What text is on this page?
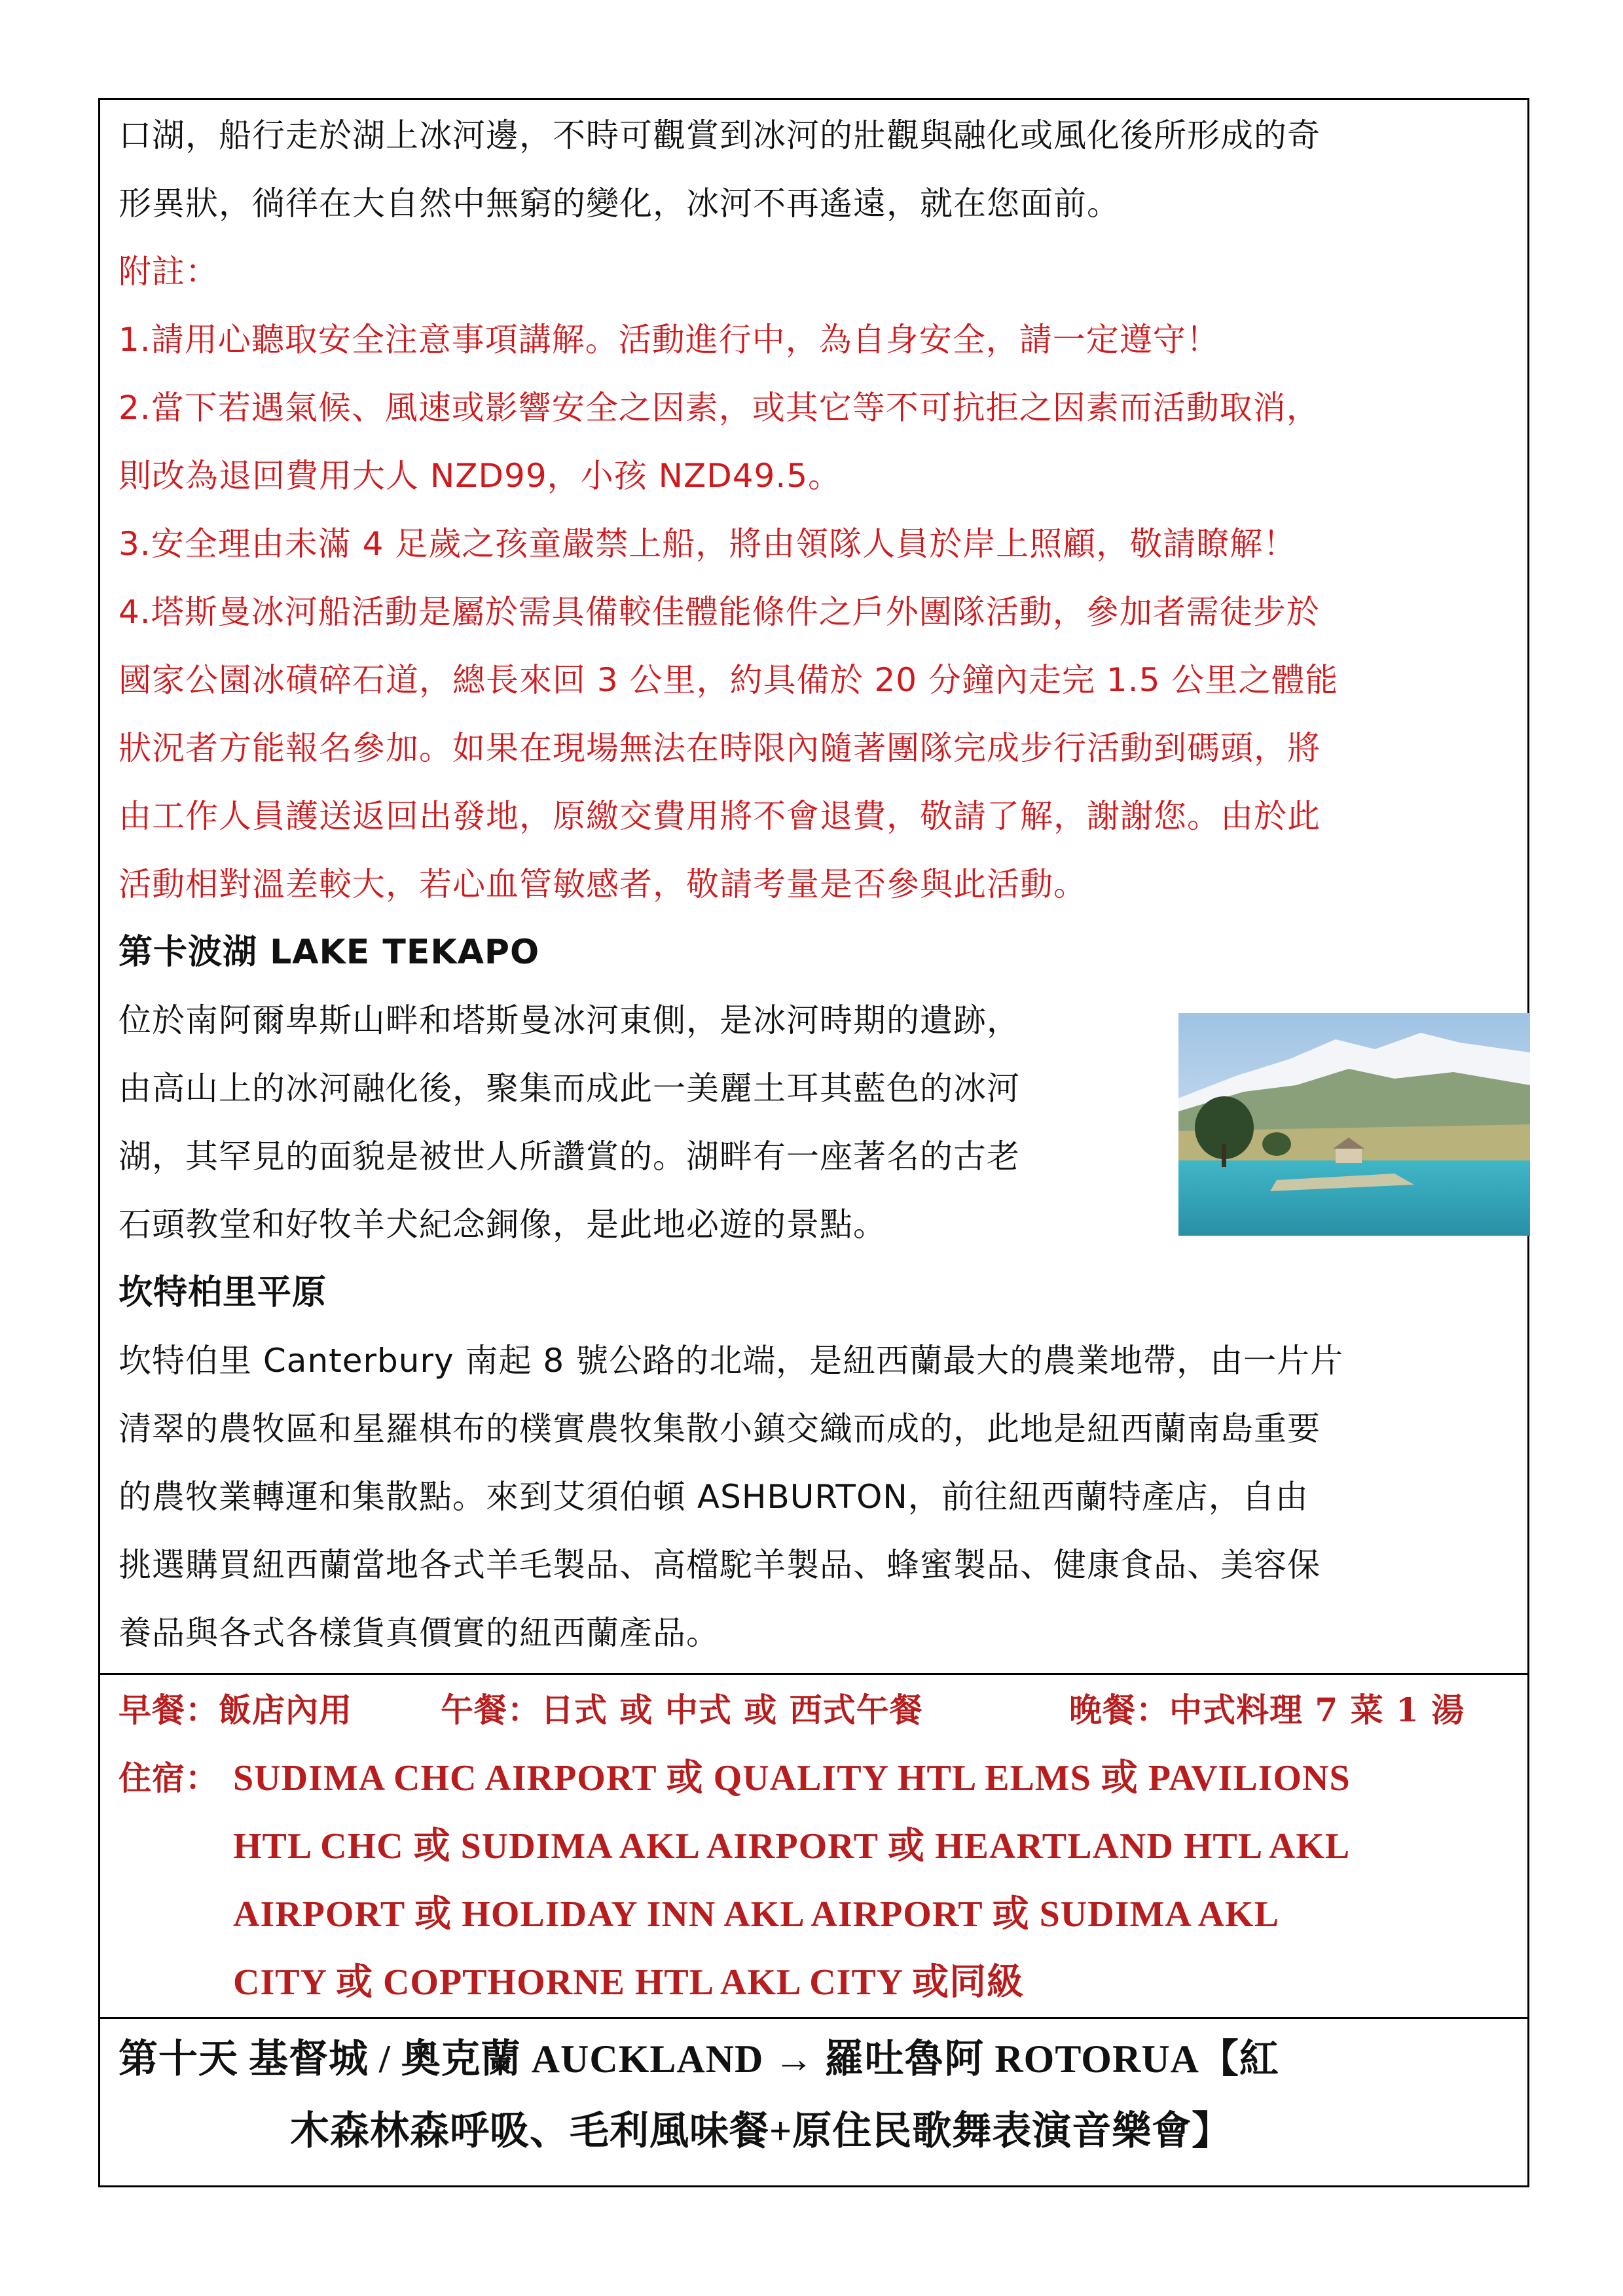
口湖，船行走於湖上冰河邊，不時可觀賞到冰河的壯觀與融化或風化後所形成的奇
形異狀，徜徉在大自然中無窮的變化，冰河不再遙遠，就在您面前。
附註：
1.請用心聽取安全注意事項講解。活動進行中，為自身安全，請一定遵守！
2.當下若遇氣候、風速或影響安全之因素，或其它等不可抗拒之因素而活動取消，
則改為退回費用大人 NZD99，小孩 NZD49.5。
3.安全理由未滿 4 足歲之孩童嚴禁上船，將由領隊人員於岸上照顧，敬請瞭解！
4.塔斯曼冰河船活動是屬於需具備較佳體能條件之戶外團隊活動，參加者需徒步於
國家公園冰磧碎石道，總長來回 3 公里，約具備於 20 分鐘內走完 1.5 公里之體能
狀況者方能報名參加。如果在現場無法在時限內隨著團隊完成步行活動到碼頭，將
由工作人員護送返回出發地，原繳交費用將不會退費，敬請了解，謝謝您。由於此
活動相對溫差較大，若心血管敏感者，敬請考量是否參與此活動。
第卡波湖 LAKE TEKAPO
位於南阿爾卑斯山畔和塔斯曼冰河東側，是冰河時期的遺跡，
由高山上的冰河融化後，聚集而成此一美麗土耳其藍色的冰河
湖，其罕見的面貌是被世人所讚賞的。湖畔有一座著名的古老
石頭教堂和好牧羊犬紀念銅像，是此地必遊的景點。
坎特柏里平原
坎特伯里 Canterbury 南起 8 號公路的北端，是紐西蘭最大的農業地帶，由一片片
清翠的農牧區和星羅棋布的樸實農牧集散小鎮交織而成的，此地是紐西蘭南島重要
的農牧業轉運和集散點。來到艾須伯頓 ASHBURTON，前往紐西蘭特產店，自由
挑選購買紐西蘭當地各式羊毛製品、高檔駝羊製品、蜂蜜製品、健康食品、美容保
養品與各式各樣貨真價實的紐西蘭產品。
早餐：飯店內用	午餐：日式 或 中式 或 西式午餐	晚餐：中式料理 7 菜 1 湯
住宿： SUDIMA CHC AIRPORT 或 QUALITY HTL ELMS 或 PAVILIONS
HTL CHC 或 SUDIMA AKL AIRPORT 或 HEARTLAND HTL AKL
AIRPORT 或 HOLIDAY INN AKL AIRPORT 或 SUDIMA AKL
CITY 或 COPTHORNE HTL AKL CITY 或同級
第十天 基督城 / 奧克蘭 AUCKLAND → 羅吐魯阿 ROTORUA【紅
木森林森呼吸、毛利風味餐+原住民歌舞表演音樂會】
